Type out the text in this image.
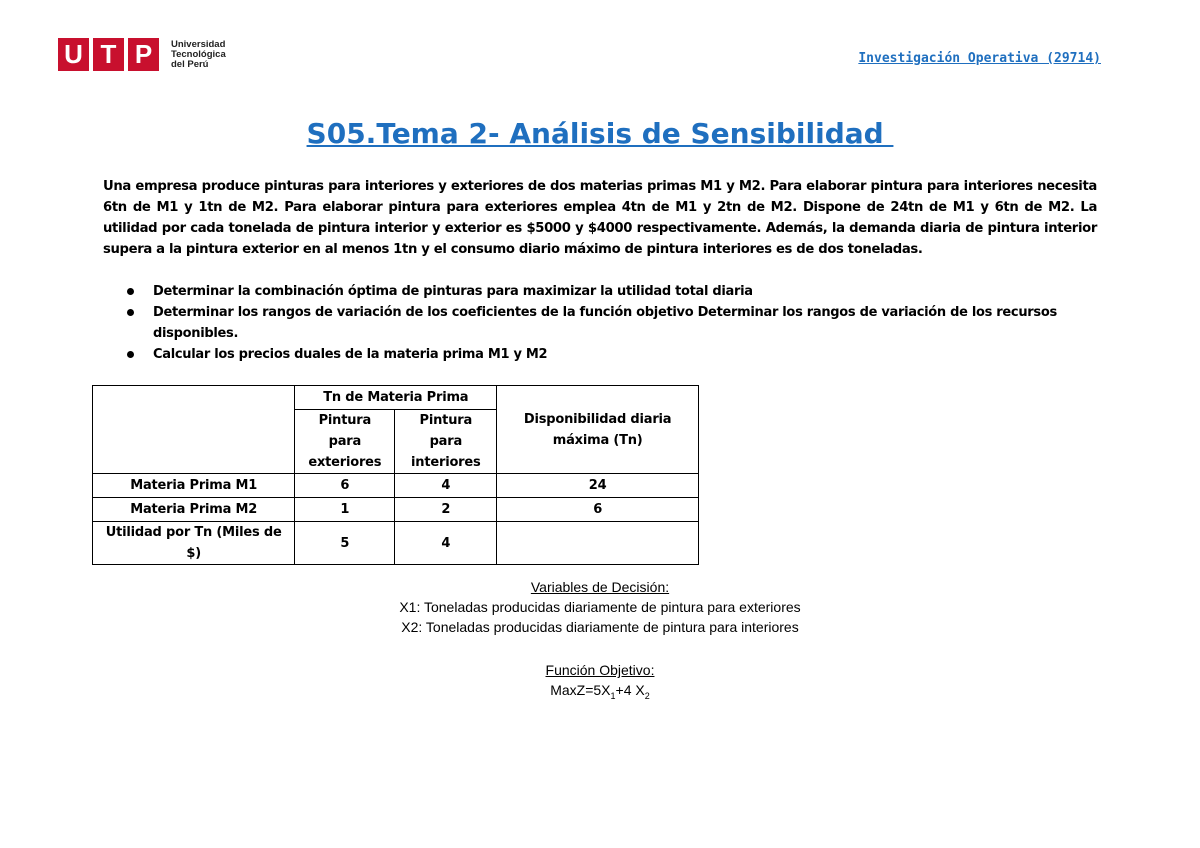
U T P	Universidad
Tecnológica
del Perú	Investigación Operativa (29714)
S05.Tema 2- Análisis de Sensibilidad
Una empresa produce pinturas para interiores y exteriores de dos materias primas M1 y M2. Para elaborar pintura para interiores necesita 6tn de M1 y 1tn de M2. Para elaborar pintura para exteriores emplea 4tn de M1 y 2tn de M2. Dispone de 24tn de M1 y 6tn de M2. La utilidad por cada tonelada de pintura interior y exterior es $5000 y $4000 respectivamente. Además, la demanda diaria de pintura interior supera a la pintura exterior en al menos 1tn y el consumo diario máximo de pintura interiores es de dos toneladas.
Determinar la combinación óptima de pinturas para maximizar la utilidad total diaria
Determinar los rangos de variación de los coeficientes de la función objetivo Determinar los rangos de variación de los recursos disponibles.
Calcular los precios duales de la materia prima M1 y M2
	Tn de Materia Prima		Disponibilidad diaria máxima (Tn)
	Pintura para exteriores	Pintura para interiores	
Materia Prima M1	6	4	24
Materia Prima M2	1	2	6
Utilidad por Tn (Miles de $)	5	4	
Variables de Decisión:
X1: Toneladas producidas diariamente de pintura para exteriores
X2: Toneladas producidas diariamente de pintura para interiores
Función Objetivo:
$MaxZ=5X_1+4$ $X_2$
